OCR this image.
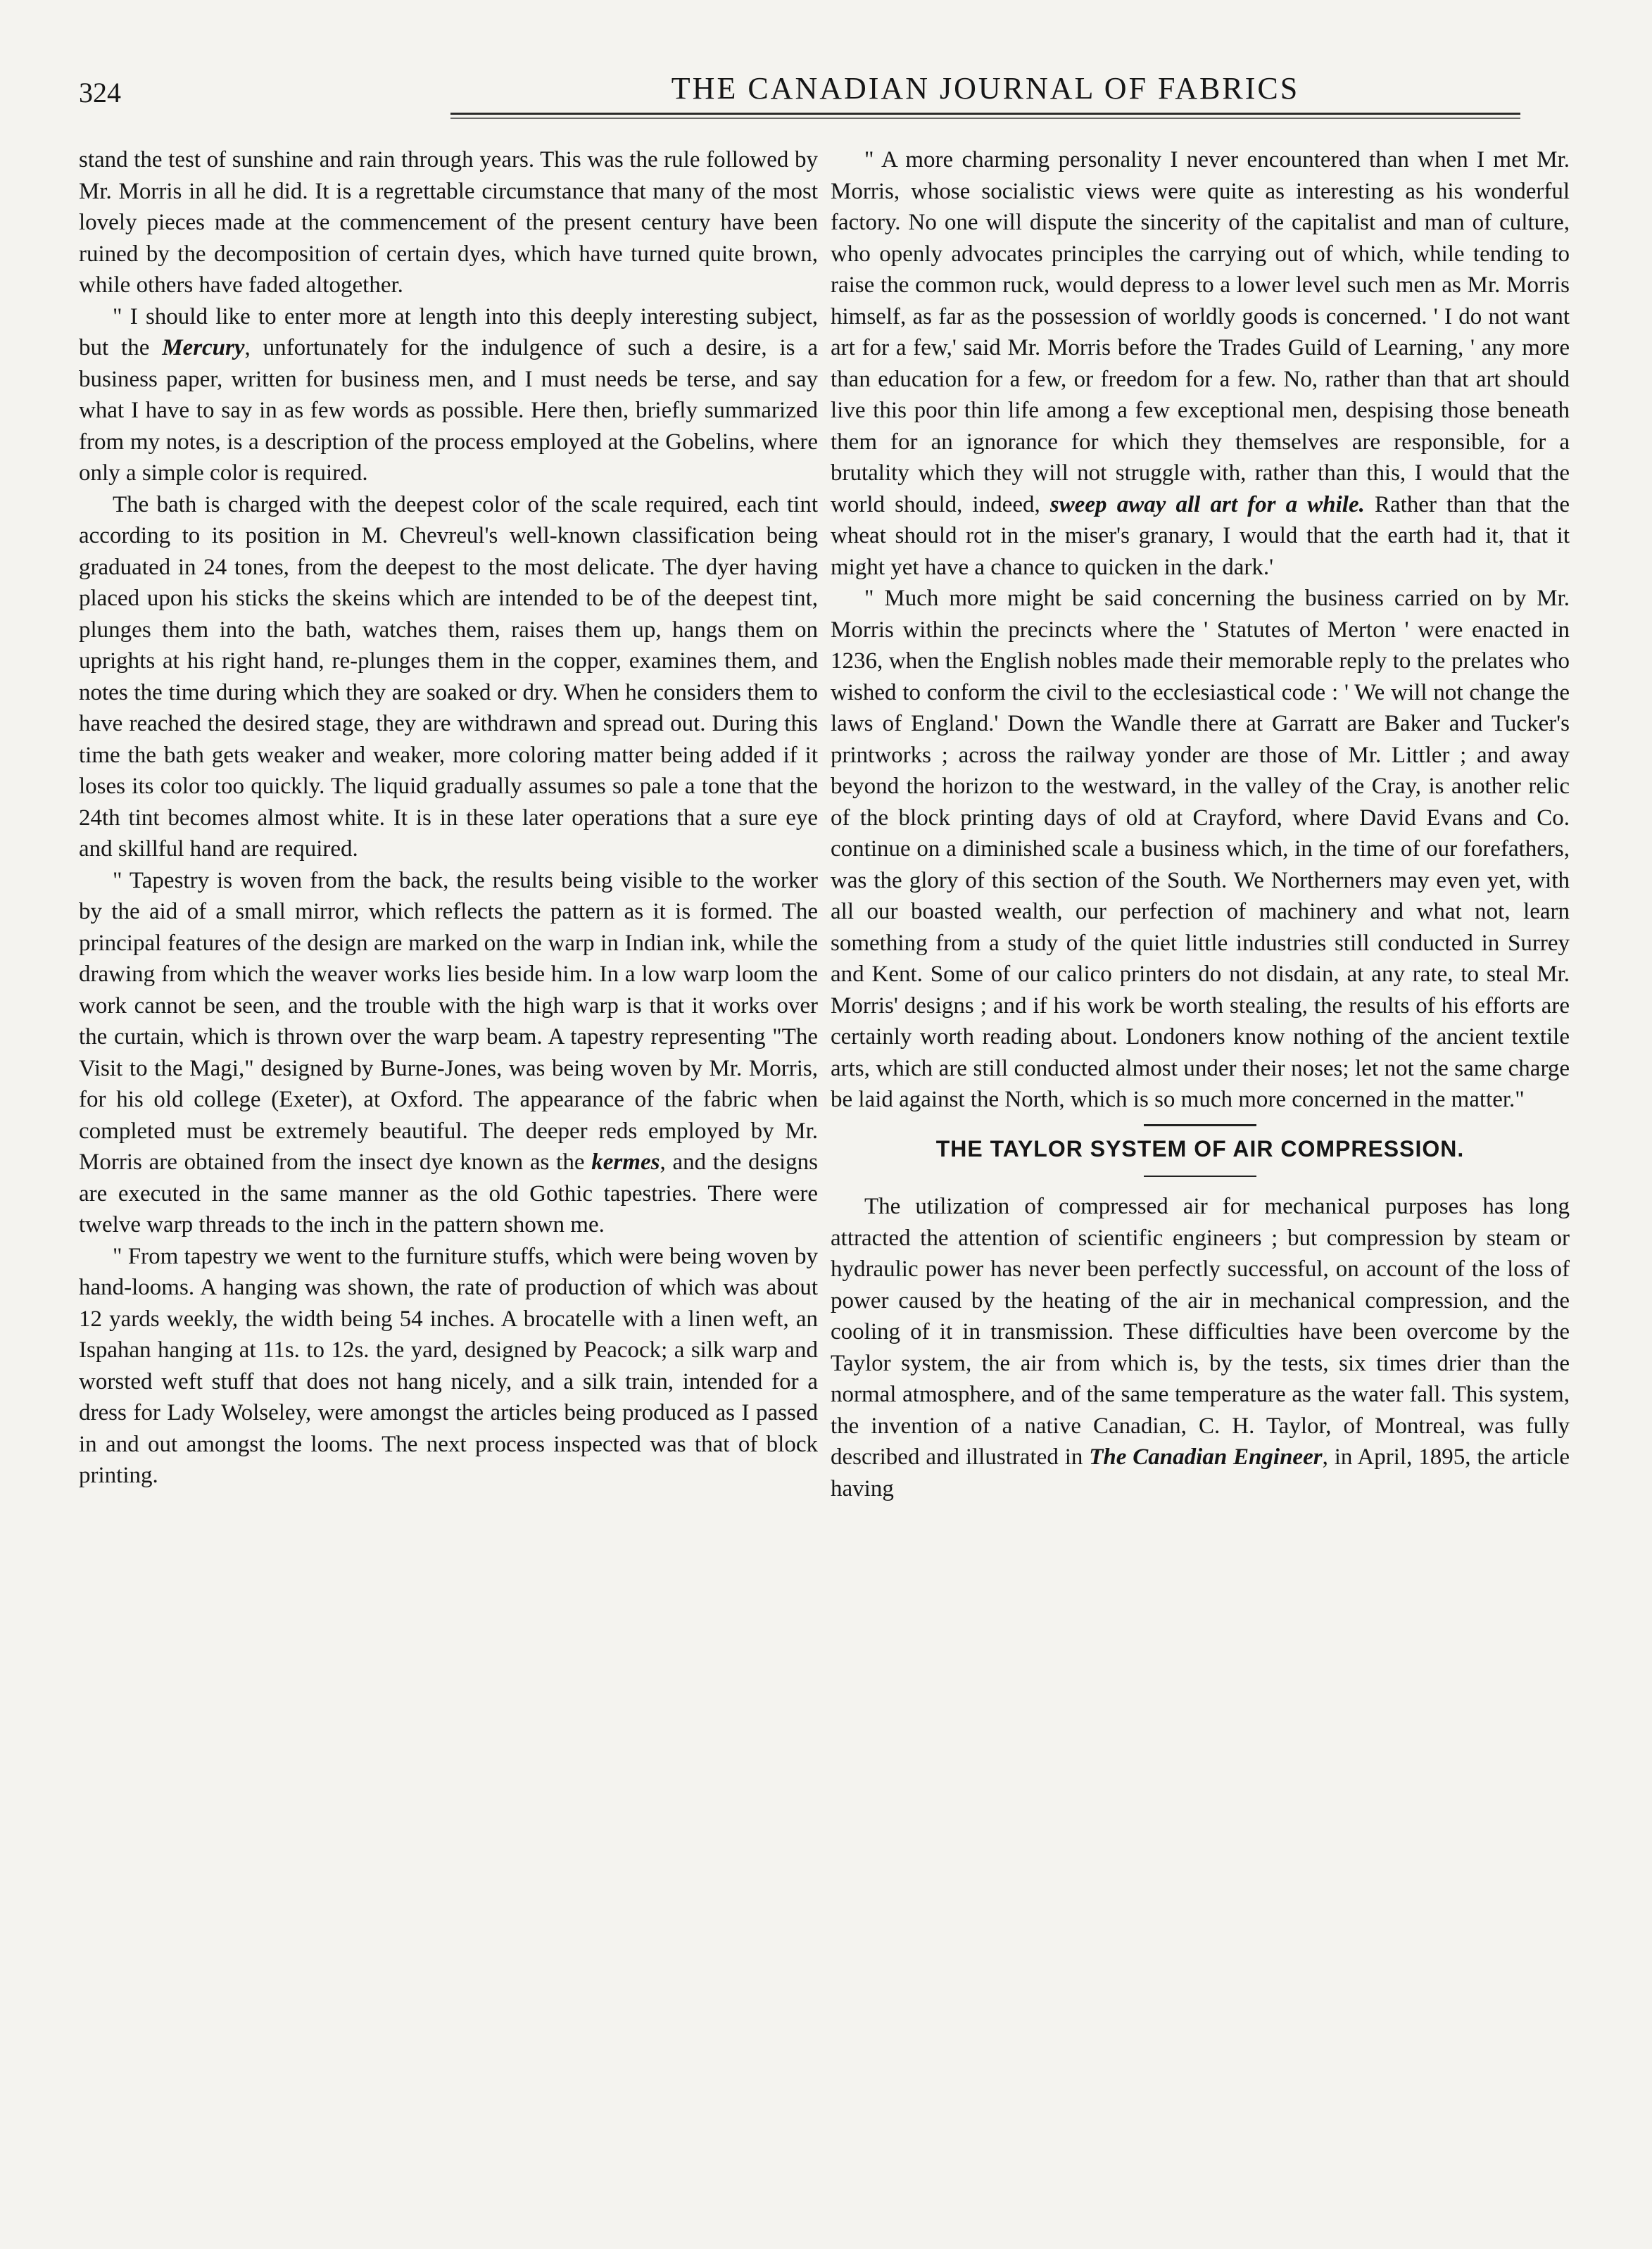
324	THE CANADIAN JOURNAL OF FABRICS

stand the test of sunshine and rain through years. This was the rule followed by Mr. Morris in all he did. It is a regrettable circumstance that many of the most lovely pieces made at the commencement of the present century have been ruined by the decomposition of certain dyes, which have turned quite brown, while others have faded altogether.

" I should like to enter more at length into this deeply interesting subject, but the Mercury, unfortunately for the indulgence of such a desire, is a business paper, written for business men, and I must needs be terse, and say what I have to say in as few words as possible. Here then, briefly summarized from my notes, is a description of the process employed at the Gobelins, where only a simple color is required.

The bath is charged with the deepest color of the scale required, each tint according to its position in M. Chevreul's well-known classification being graduated in 24 tones, from the deepest to the most delicate. The dyer having placed upon his sticks the skeins which are intended to be of the deepest tint, plunges them into the bath, watches them, raises them up, hangs them on uprights at his right hand, re-plunges them in the copper, examines them, and notes the time during which they are soaked or dry. When he considers them to have reached the desired stage, they are withdrawn and spread out. During this time the bath gets weaker and weaker, more coloring matter being added if it loses its color too quickly. The liquid gradually assumes so pale a tone that the 24th tint becomes almost white. It is in these later operations that a sure eye and skillful hand are required.

" Tapestry is woven from the back, the results being visible to the worker by the aid of a small mirror, which reflects the pattern as it is formed. The principal features of the design are marked on the warp in Indian ink, while the drawing from which the weaver works lies beside him. In a low warp loom the work cannot be seen, and the trouble with the high warp is that it works over the curtain, which is thrown over the warp beam. A tapestry representing "The Visit to the Magi," designed by Burne-Jones, was being woven by Mr. Morris, for his old college (Exeter), at Oxford. The appearance of the fabric when completed must be extremely beautiful. The deeper reds employed by Mr. Morris are obtained from the insect dye known as the kermes, and the designs are executed in the same manner as the old Gothic tapestries. There were twelve warp threads to the inch in the pattern shown me.

" From tapestry we went to the furniture stuffs, which were being woven by hand-looms. A hanging was shown, the rate of production of which was about 12 yards weekly, the width being 54 inches. A brocatelle with a linen weft, an Ispahan hanging at 11s. to 12s. the yard, designed by Peacock; a silk warp and worsted weft stuff that does not hang nicely, and a silk train, intended for a dress for Lady Wolseley, were amongst the articles being produced as I passed in and out amongst the looms. The next process inspected was that of block printing.

" A more charming personality I never encountered than when I met Mr. Morris, whose socialistic views were quite as interesting as his wonderful factory. No one will dispute the sincerity of the capitalist and man of culture, who openly advocates principles the carrying out of which, while tending to raise the common ruck, would depress to a lower level such men as Mr. Morris himself, as far as the possession of worldly goods is concerned. ' I do not want art for a few,' said Mr. Morris before the Trades Guild of Learning, ' any more than education for a few, or freedom for a few. No, rather than that art should live this poor thin life among a few exceptional men, despising those beneath them for an ignorance for which they themselves are responsible, for a brutality which they will not struggle with, rather than this, I would that the world should, indeed, sweep away all art for a while. Rather than that the wheat should rot in the miser's granary, I would that the earth had it, that it might yet have a chance to quicken in the dark.'

" Much more might be said concerning the business carried on by Mr. Morris within the precincts where the ' Statutes of Merton ' were enacted in 1236, when the English nobles made their memorable reply to the prelates who wished to conform the civil to the ecclesiastical code : ' We will not change the laws of England.' Down the Wandle there at Garratt are Baker and Tucker's printworks ; across the railway yonder are those of Mr. Littler ; and away beyond the horizon to the westward, in the valley of the Cray, is another relic of the block printing days of old at Crayford, where David Evans and Co. continue on a diminished scale a business which, in the time of our forefathers, was the glory of this section of the South. We Northerners may even yet, with all our boasted wealth, our perfection of machinery and what not, learn something from a study of the quiet little industries still conducted in Surrey and Kent. Some of our calico printers do not disdain, at any rate, to steal Mr. Morris' designs ; and if his work be worth stealing, the results of his efforts are certainly worth reading about. Londoners know nothing of the ancient textile arts, which are still conducted almost under their noses; let not the same charge be laid against the North, which is so much more concerned in the matter."

THE TAYLOR SYSTEM OF AIR COMPRESSION.

The utilization of compressed air for mechanical purposes has long attracted the attention of scientific engineers ; but compression by steam or hydraulic power has never been perfectly successful, on account of the loss of power caused by the heating of the air in mechanical compression, and the cooling of it in transmission. These difficulties have been overcome by the Taylor system, the air from which is, by the tests, six times drier than the normal atmosphere, and of the same temperature as the water fall. This system, the invention of a native Canadian, C. H. Taylor, of Montreal, was fully described and illustrated in The Canadian Engineer, in April, 1895, the article having
